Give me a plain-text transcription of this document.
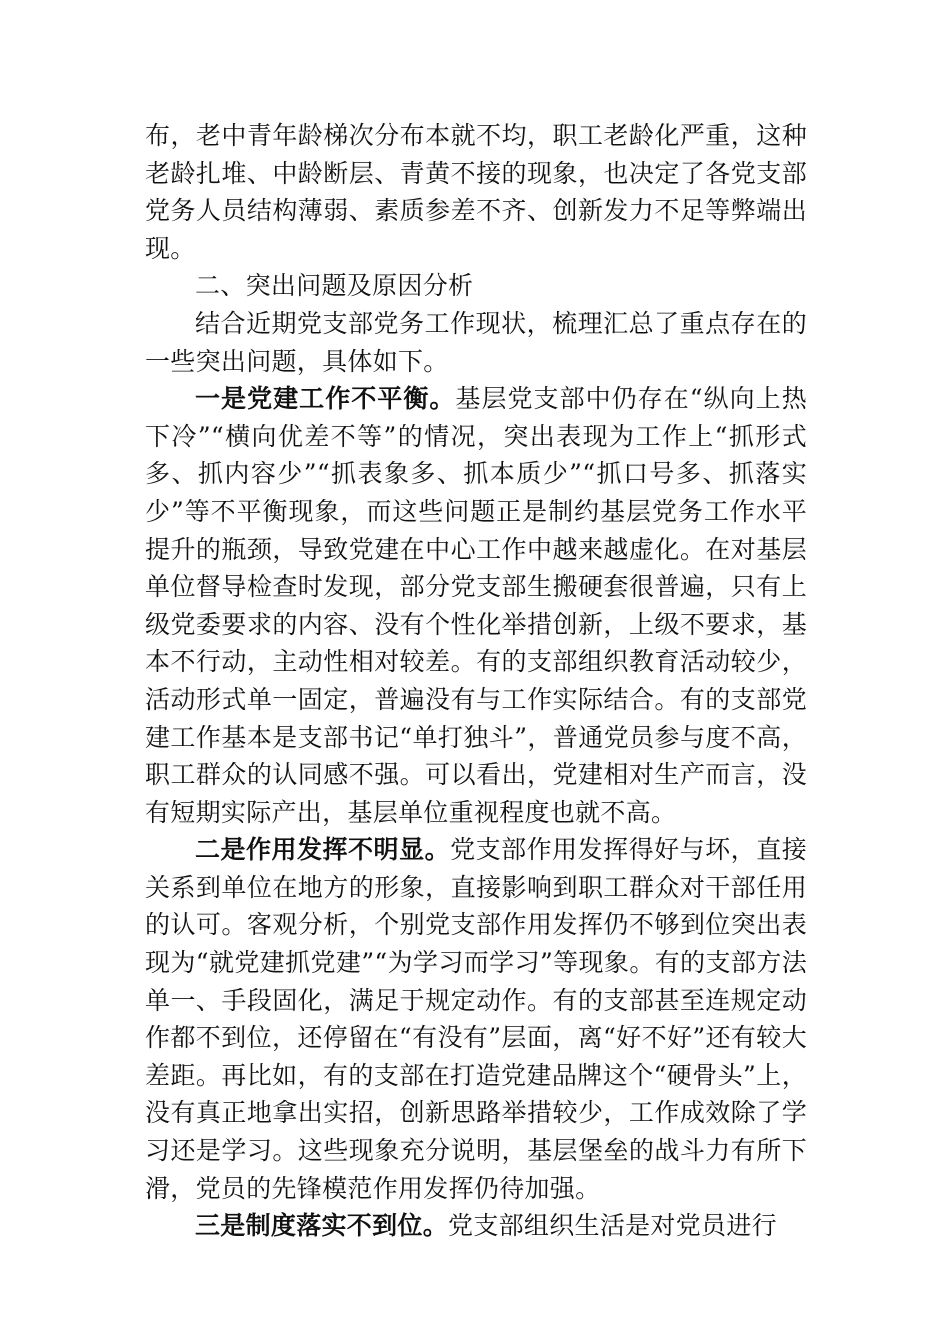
布，老中青年龄梯次分布本就不均，职工老龄化严重，这种老龄扎堆、中龄断层、青黄不接的现象，也决定了各党支部党务人员结构薄弱、素质参差不齐、创新发力不足等弊端出现。

二、突出问题及原因分析

结合近期党支部党务工作现状，梳理汇总了重点存在的一些突出问题，具体如下。

一是党建工作不平衡。基层党支部中仍存在“纵向上热下冷”“横向优差不等”的情况，突出表现为工作上“抓形式多、抓内容少”“抓表象多、抓本质少”“抓口号多、抓落实少”等不平衡现象，而这些问题正是制约基层党务工作水平提升的瓶颈，导致党建在中心工作中越来越虚化。在对基层单位督导检查时发现，部分党支部生搬硬套很普遍，只有上级党委要求的内容、没有个性化举措创新，上级不要求，基本不行动，主动性相对较差。有的支部组织教育活动较少，活动形式单一固定，普遍没有与工作实际结合。有的支部党建工作基本是支部书记“单打独斗”，普通党员参与度不高，职工群众的认同感不强。可以看出，党建相对生产而言，没有短期实际产出，基层单位重视程度也就不高。

二是作用发挥不明显。党支部作用发挥得好与坏，直接关系到单位在地方的形象，直接影响到职工群众对干部任用的认可。客观分析，个别党支部作用发挥仍不够到位突出表现为“就党建抓党建”“为学习而学习”等现象。有的支部方法单一、手段固化，满足于规定动作。有的支部甚至连规定动作都不到位，还停留在“有没有”层面，离“好不好”还有较大差距。再比如，有的支部在打造党建品牌这个“硬骨头”上，没有真正地拿出实招，创新思路举措较少，工作成效除了学习还是学习。这些现象充分说明，基层堡垒的战斗力有所下滑，党员的先锋模范作用发挥仍待加强。

三是制度落实不到位。党支部组织生活是对党员进行
